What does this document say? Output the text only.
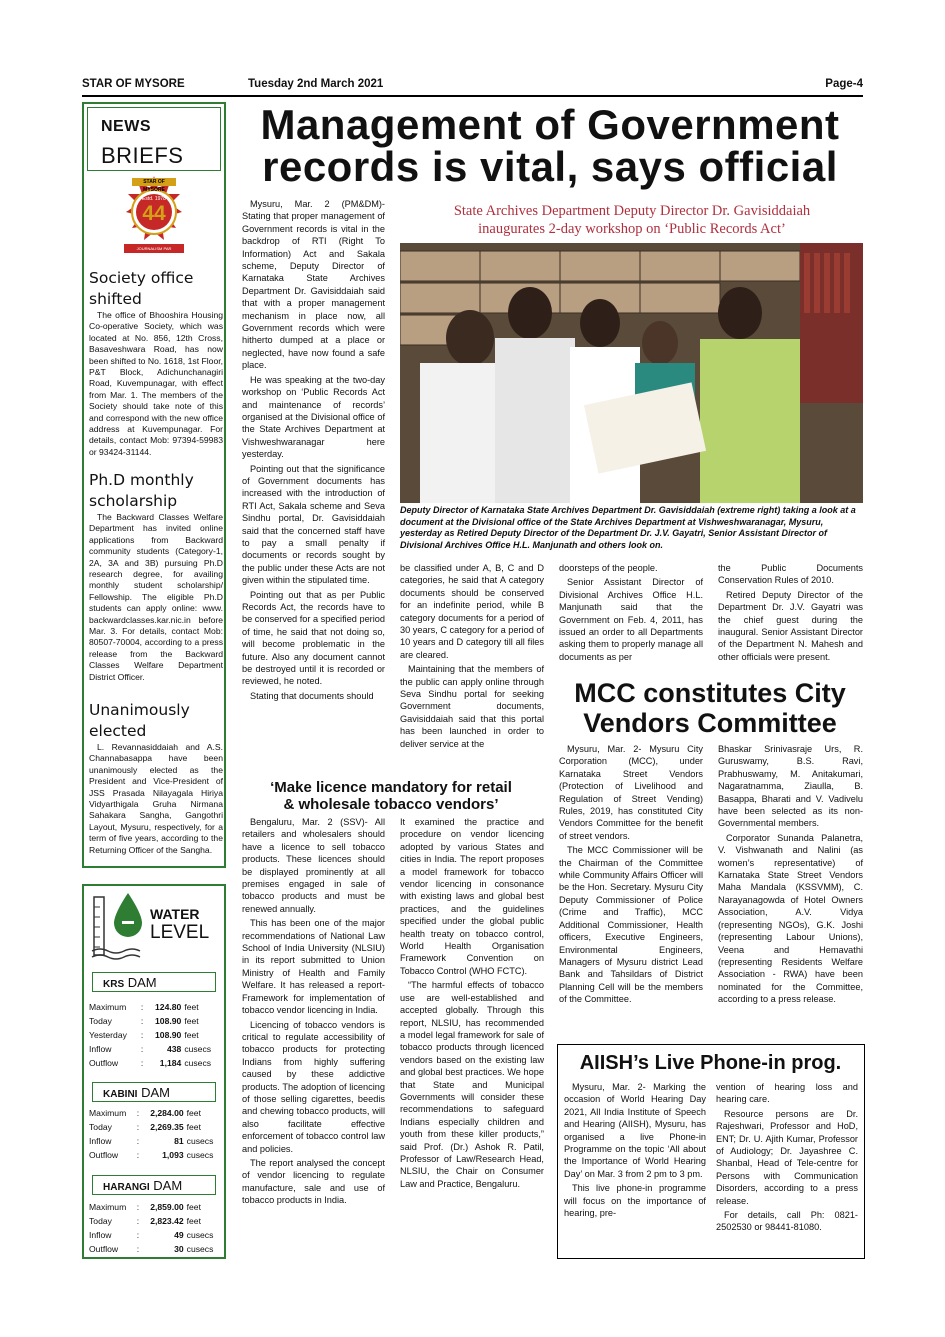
STAR OF MYSORE	Tuesday 2nd March 2021	Page-4
NEWS
BRIEFS
STAR OF MYSORE
Estd. 1978
44
JOURNALISM PAR EXCELLENCE

Society office shifted

The office of Bhooshira Housing Co-operative Society, which was located at No. 856, 12th Cross, Basaveshwara Road, has now been shifted to No. 1618, 1st Floor, P&T Block, Adichunchanagiri Road, Kuvempunagar, with effect from Mar. 1. The members of the Society should take note of this and correspond with the new office address at Kuvempunagar. For details, contact Mob: 97394-59983 or 93424-31144.

Ph.D monthly scholarship

The Backward Classes Welfare Department has invited online applications from Backward community students (Category-1, 2A, 3A and 3B) pursuing Ph.D research degree, for availing monthly student scholarship/ Fellowship. The eligible Ph.D students can apply online: www. backwardclasses.kar.nic.in before Mar. 3. For details, contact Mob: 80507-70004, according to a press release from the Backward Classes Welfare Department District Officer.

Unanimously elected

L. Revannasiddaiah and A.S. Channabasappa have been unanimously elected as the President and Vice-President of JSS Prasada Nilayagala Hiriya Vidyarthigala Gruha Nirmana Sahakara Sangha, Gangothri Layout, Mysuru, respectively, for a term of five years, according to the Returning Officer of the Sangha.

WATER
LEVEL
KRS DAM
Maximum	:	124.80	feet
Today	:	108.90	feet
Yesterday	:	108.90	feet
Inflow	:	438	cusecs
Outflow	:	1,184	cusecs
KABINI DAM
Maximum	:	2,284.00	feet
Today	:	2,269.35	feet
Inflow	:	81	cusecs
Outflow	:	1,093	cusecs
HARANGI DAM
Maximum	:	2,859.00	feet
Today	:	2,823.42	feet
Inflow	:	49	cusecs
Outflow	:	30	cusecs
Management of Government
records is vital, says official

Mysuru, Mar. 2 (PM&DM)- Stating that proper management of Government records is vital in the backdrop of RTI (Right To Information) Act and Sakala scheme, Deputy Director of Karnataka State Archives Department Dr. Gavisiddaiah said that with a proper management mechanism in place now, all Government records which were hitherto dumped at a place or neglected, have now found a safe place.

He was speaking at the two-day workshop on ‘Public Records Act and maintenance of records’ organised at the Divisional office of the State Archives Department at Vishweshwaranagar here yesterday.

Pointing out that the significance of Government documents has increased with the introduction of RTI Act, Sakala scheme and Seva Sindhu portal, Dr. Gavisiddaiah said that the concerned staff have to pay a small penalty if documents or records sought by the public under these Acts are not given within the stipulated time.

Pointing out that as per Public Records Act, the records have to be conserved for a specified period of time, he said that not doing so, will become problematic in the future. Also any document cannot be destroyed until it is recorded or reviewed, he noted.

Stating that documents should

State Archives Department Deputy Director Dr. Gavisiddaiah
inaugurates 2-day workshop on ‘Public Records Act’
Deputy Director of Karnataka State Archives Department Dr. Gavisiddaiah (extreme right) taking a look at a document at the Divisional office of the State Archives Department at Vishweshwaranagar, Mysuru, yesterday as Retired Deputy Director of the Department Dr. J.V. Gayatri, Senior Assistant Director of Divisional Archives Office H.L. Manjunath and others look on.

be classified under A, B, C and D categories, he said that A category documents should be conserved for an indefinite period, while B category documents for a period of 30 years, C category for a period of 10 years and D category till all files are cleared.

Maintaining that the members of the public can apply online through Seva Sindhu portal for seeking Government documents, Gavisiddaiah said that this portal has been launched in order to deliver service at the

doorsteps of the people.

Senior Assistant Director of Divisional Archives Office H.L. Manjunath said that the Government on Feb. 4, 2011, has issued an order to all Departments asking them to properly manage all documents as per

the Public Documents Conservation Rules of 2010.

Retired Deputy Director of the Department Dr. J.V. Gayatri was the chief guest during the inaugural. Senior Assistant Director of the Department N. Mahesh and other officials were present.

‘Make licence mandatory for retail
& wholesale tobacco vendors’

Bengaluru, Mar. 2 (SSV)- All retailers and wholesalers should have a licence to sell tobacco products. These licences should be displayed prominently at all premises engaged in sale of tobacco products and must be renewed annually.

This has been one of the major recommendations of National Law School of India University (NLSIU) in its report submitted to Union Ministry of Health and Family Welfare. It has released a report-Framework for implementation of tobacco vendor licencing in India.

Licencing of tobacco vendors is critical to regulate accessibility of tobacco products for protecting Indians from highly suffering caused by these addictive products. The adoption of licencing of those selling cigarettes, beedis and chewing tobacco products, will also facilitate effective enforcement of tobacco control law and policies.

The report analysed the concept of vendor licencing to regulate manufacture, sale and use of tobacco products in India.

It examined the practice and procedure on vendor licencing adopted by various States and cities in India. The report proposes a model framework for tobacco vendor licencing in consonance with existing laws and global best practices, and the guidelines specified under the global public health treaty on tobacco control, World Health Organisation Framework Convention on Tobacco Control (WHO FCTC).

“The harmful effects of tobacco use are well-established and accepted globally. Through this report, NLSIU, has recommended a model legal framework for sale of tobacco products through licenced vendors based on the existing law and global best practices. We hope that State and Municipal Governments will consider these recommendations to safeguard Indians especially children and youth from these killer products,” said Prof. (Dr.) Ashok R. Patil, Professor of Law/Research Head, NLSIU, the Chair on Consumer Law and Practice, Bengaluru.

MCC constitutes City
Vendors Committee

Mysuru, Mar. 2- Mysuru City Corporation (MCC), under Karnataka Street Vendors (Protection of Livelihood and Regulation of Street Vending) Rules, 2019, has constituted City Vendors Committee for the benefit of street vendors.

The MCC Commissioner will be the Chairman of the Committee while Community Affairs Officer will be the Hon. Secretary. Mysuru City Deputy Commissioner of Police (Crime and Traffic), MCC Additional Commissioner, Health officers, Executive Engineers, Environmental Engineers, Managers of Mysuru district Lead Bank and Tahsildars of District Planning Cell will be the members of the Committee.

Bhaskar Srinivasraje Urs, R. Guruswamy, B.S. Ravi, Prabhuswamy, M. Anitakumari, Nagaratnamma, Ziaulla, B. Basappa, Bharati and V. Vadivelu have been selected as its non-Governmental members.

Corporator Sunanda Palanetra, V. Vishwanath and Nalini (as women’s representative) of Karnataka State Street Vendors Maha Mandala (KSSVMM), C. Narayanagowda of Hotel Owners Association, A.V. Vidya (representing NGOs), G.K. Joshi (representing Labour Unions), Veena and Hemavathi (representing Residents Welfare Association - RWA) have been nominated for the Committee, according to a press release.

AIISH’s Live Phone-in prog.

Mysuru, Mar. 2- Marking the occasion of World Hearing Day 2021, All India Institute of Speech and Hearing (AIISH), Mysuru, has organised a live Phone-in Programme on the topic ‘All about the Importance of World Hearing Day’ on Mar. 3 from 2 pm to 3 pm.

This live phone-in programme will focus on the importance of hearing, pre-

vention of hearing loss and hearing care.

Resource persons are Dr. Rajeshwari, Professor and HoD, ENT; Dr. U. Ajith Kumar, Professor of Audiology; Dr. Jayashree C. Shanbal, Head of Tele-centre for Persons with Communication Disorders, according to a press release.

For details, call Ph: 0821-2502530 or 98441-81080.
